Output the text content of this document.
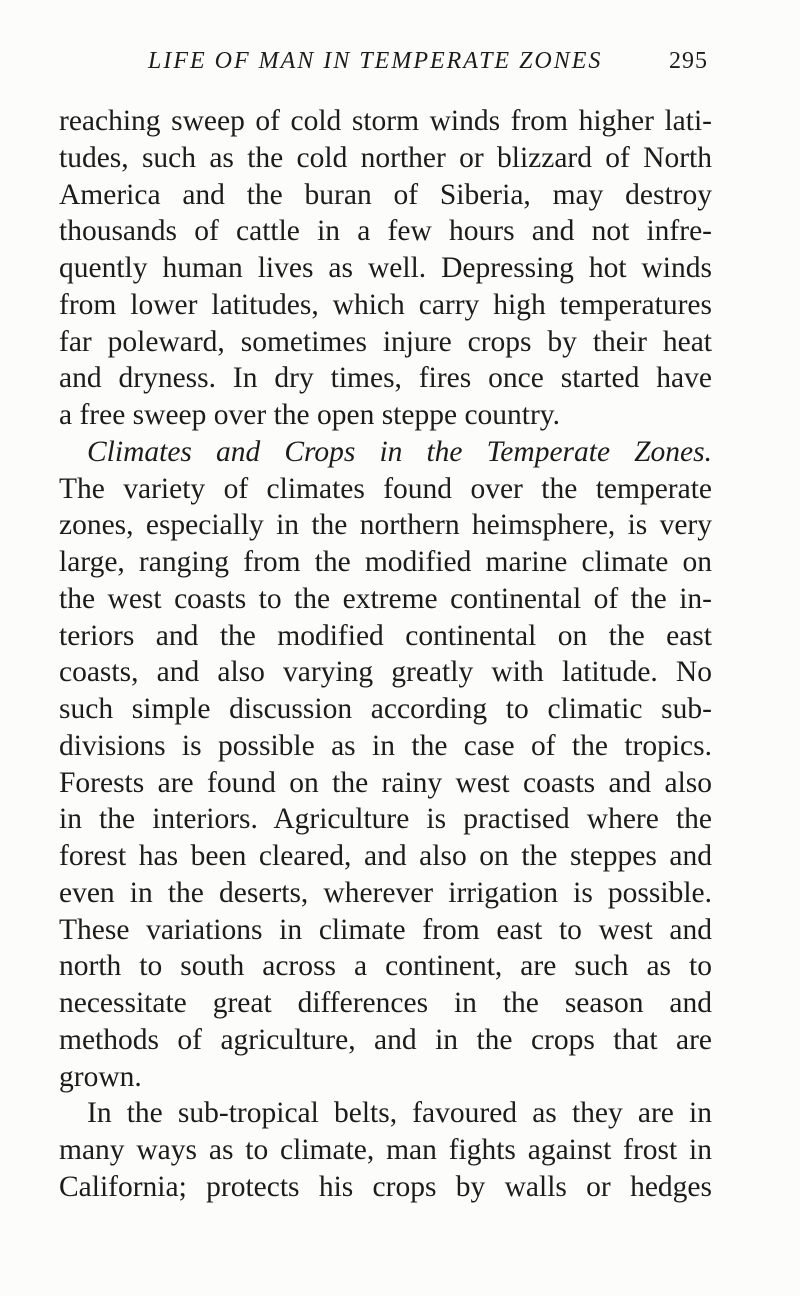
LIFE OF MAN IN TEMPERATE ZONES	295
reaching sweep of cold storm winds from higher lati-
tudes, such as the cold norther or blizzard of North
America and the buran of Siberia, may destroy
thousands of cattle in a few hours and not infre-
quently human lives as well. Depressing hot winds
from lower latitudes, which carry high temperatures
far poleward, sometimes injure crops by their heat
and dryness. In dry times, fires once started have
a free sweep over the open steppe country.
Climates and Crops in the Temperate Zones.
The variety of climates found over the temperate
zones, especially in the northern heimsphere, is very
large, ranging from the modified marine climate on
the west coasts to the extreme continental of the in-
teriors and the modified continental on the east
coasts, and also varying greatly with latitude. No
such simple discussion according to climatic sub-
divisions is possible as in the case of the tropics.
Forests are found on the rainy west coasts and also
in the interiors. Agriculture is practised where the
forest has been cleared, and also on the steppes and
even in the deserts, wherever irrigation is possible.
These variations in climate from east to west and
north to south across a continent, are such as to
necessitate great differences in the season and
methods of agriculture, and in the crops that are
grown.
In the sub-tropical belts, favoured as they are in
many ways as to climate, man fights against frost in
California; protects his crops by walls or hedges
